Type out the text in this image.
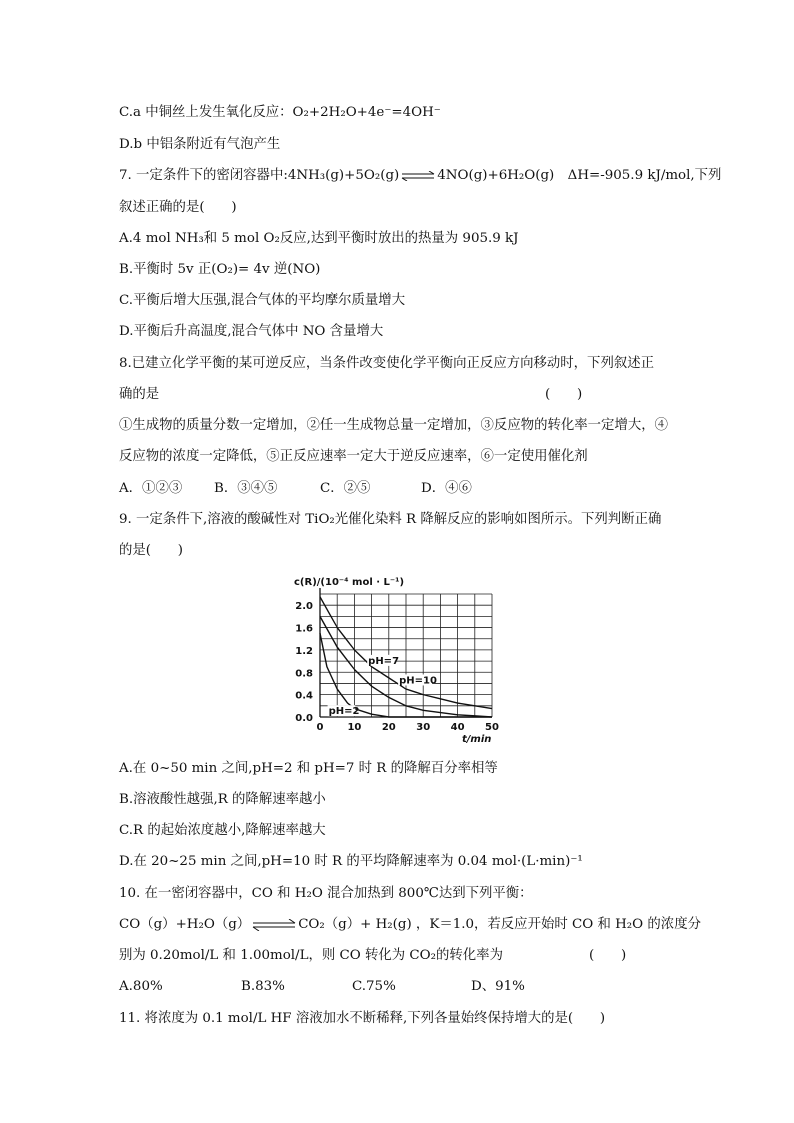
C.a 中铜丝上发生氧化反应：O₂+2H₂O+4e⁻=4OH⁻
D.b 中铝条附近有气泡产生
7. 一定条件下的密闭容器中:4NH₃(g)+5O₂(g) ⇌ 4NO(g)+6H₂O(g)　ΔH=-905.9 kJ/mol,下列
叙述正确的是(　　)
A.4 mol NH₃和 5 mol O₂反应,达到平衡时放出的热量为 905.9 kJ
B.平衡时 5v 正(O₂)= 4v 逆(NO)
C.平衡后增大压强,混合气体的平均摩尔质量增大
D.平衡后升高温度,混合气体中 NO 含量增大
8.已建立化学平衡的某可逆反应，当条件改变使化学平衡向正反应方向移动时，下列叙述正
确的是	(　　)
①生成物的质量分数一定增加，②任一生成物总量一定增加，③反应物的转化率一定增大，④
反应物的浓度一定降低，⑤正反应速率一定大于逆反应速率，⑥一定使用催化剂
A．①②③ B．③④⑤	C．②⑤	D．④⑥
9. 一定条件下,溶液的酸碱性对 TiO₂光催化染料 R 降解反应的影响如图所示。下列判断正确
的是(　　)
c(R)/(10⁻⁴ mol · L⁻¹)
0.0
0.4
0.8
1.2
1.6
2.0
0 10 20 30 40 50
pH=2
pH=7
pH=10
t/min
A.在 0~50 min 之间,pH=2 和 pH=7 时 R 的降解百分率相等
B.溶液酸性越强,R 的降解速率越小
C.R 的起始浓度越小,降解速率越大
D.在 20~25 min 之间,pH=10 时 R 的平均降解速率为 0.04 mol·(L·min)⁻¹
10. 在一密闭容器中，CO 和 H₂O 混合加热到 800℃达到下列平衡：
CO（g）+H₂O（g） ⇌ CO₂（g）+ H₂(g) ，K＝1.0，若反应开始时 CO 和 H₂O 的浓度分
别为 0.20mol/L 和 1.00mol/L，则 CO 转化为 CO₂的转化率为	(　　)
A.80%	B.83%	C.75%	D、91%
11. 将浓度为 0.1 mol/L HF 溶液加水不断稀释,下列各量始终保持增大的是(　　)
